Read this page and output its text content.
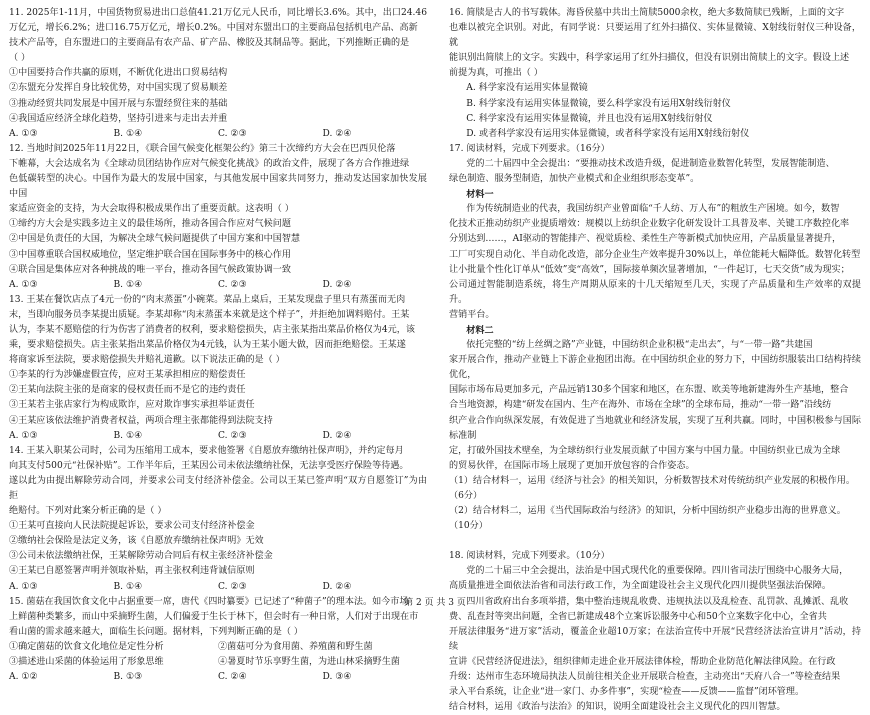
11. 2025年1-11月，中国货物贸易进出口总值41.21万亿元人民币，同比增长3.6%。其中，出口24.46

万亿元，增长6.2%；进口16.75万亿元，增长0.2%。中国对东盟出口的主要商品包括机电产品、高新

技术产品等，自东盟进口的主要商品有农产品、矿产品、橡胶及其制品等。据此，下列推断正确的是

（ ）

①中国要持合作共赢的原则，不断优化进出口贸易结构

②东盟充分发挥自身比较优势，对中国实现了贸易顺差

③推动经贸共同发展是中国开展与东盟经贸往来的基础

④我国适应经济全球化趋势，坚持引进来与走出去并重

A. ①③	B. ①④	C. ②③	D. ②④

12. 当地时间2025年11月22日，《联合国气候变化框架公约》第三十次缔约方大会在巴西贝伦落

下帷幕，大会达成名为《全球动员团结协作应对气候变化挑战》的政治文件，展现了各方合作推进绿

色低碳转型的决心。中国作为最大的发展中国家，与其他发展中国家共同努力，推动发达国家加快发展中国

家适应资金的支持，为大会取得积极成果作出了重要贡献。这表明（ ）

①缔约方大会是实践多边主义的最佳场所，推动各国合作应对气候问题

②中国是负责任的大国，为解决全球气候问题提供了中国方案和中国智慧

③中国尊重联合国权威地位，坚定维护联合国在国际事务中的核心作用

④联合国是集体应对各种挑战的唯一平台，推动各国气候政策协调一致

A. ①③	B. ①④	C. ②③	D. ②④

13. 王某在餐饮店点了4元一份的“肉末蒸蛋”小碗菜。菜品上桌后，王某发现盘子里只有蒸蛋而无肉

末，当即向服务员李某提出质疑。李某却称“肉末蒸蛋本来就是这个样子”，并拒绝加调料赔付。王某

认为，李某不愿赔偿的行为伤害了消费者的权利，要求赔偿损失，店主张某指出菜品价格仅为4元，该

乘，要求赔偿损失。店主张某指出菜品价格仅为4元钱，认为王某小题大做，因而拒绝赔偿。王某遂

将商家诉至法院，要求赔偿损失并赔礼道歉。以下说法正确的是（ ）

①李某的行为涉嫌虚假宣传，应对王某承担相应的赔偿责任

②王某向法院主张的是商家的侵权责任而不是它的违约责任

③王某若主张店家行为构成欺诈，应对欺诈事实承担举证责任

④王某应该依法维护消费者权益，两项合理主张都能得到法院支持

A. ①③	B. ①④	C. ②③	D. ②④

14. 王某入职某公司时，公司为压缩用工成本，要求他签署《自愿放弃缴纳社保声明》，并约定每月

向其支付500元“社保补贴”。工作半年后，王某因公司未依法缴纳社保，无法享受医疗保险等待遇。

遂以此为由提出解除劳动合同，并要求公司支付经济补偿金。公司以王某已签声明“双方自愿签订”为由拒

绝赔付。下列对此案分析正确的是（ ）

①王某可直接向人民法院提起诉讼，要求公司支付经济补偿金

②缴纳社会保险是法定义务，该《自愿放弃缴纳社保声明》无效

③公司未依法缴纳社保，王某解除劳动合同后有权主张经济补偿金

④王某已自愿签署声明并领取补贴，再主张权利违背诚信原则

A. ①③	B. ①④	C. ②③	D. ②④

15. 菌菇在我国饮食文化中占据重要一席，唐代《四时纂要》已记述了“种菌子”的理本法。如今市场

上鲜菌种类繁多，而山中采摘野生菌，人们偏爱于生长于林下，但会时有一种日常，人们对于出现在市

看山菌的需求越来越大，面临生长问题。据材料，下列判断正确的是（ ）

①确定菌菇的饮食文化地位是定性分析	②菌菇可分为食用菌、养殖菌和野生菌
③描述进山采菌的体验运用了形象思维	④暑夏时节乐享野生菌，为进山林采摘野生菌
A. ①②	B. ①③	C. ②④	D. ③④

16. 简牍是古人的书写载体。海昏侯墓中共出土简牍5000余枚，绝大多数简牍已残断，上面的文字

也难以被完全识别。对此，有同学说：只要运用了红外扫描仪、实体显微镜、X射线衍射仪三种设备，就

能识别出简牍上的文字。实践中，科学家运用了红外扫描仪，但没有识别出简牍上的文字。假设上述

前提为真，可推出（ ）

A. 科学家没有运用实体显微镜

B. 科学家没有运用实体显微镜，要么科学家没有运用X射线衍射仪

C. 科学家没有运用实体显微镜，并且也没有运用X射线衍射仪

D. 或者科学家没有运用实体显微镜，或者科学家没有运用X射线衍射仪

17. 阅读材料，完成下列要求。（16分）

党的二十届四中全会提出：“要推动技术改造升级，促进制造业数智化转型，发展智能制造、

绿色制造、服务型制造，加快产业模式和企业组织形态变革”。

材料一

作为传统制造业的代表，我国纺织产业曾面临“千人纺、万人布”的粗放生产困境。如今，数智

化技术正推动纺织产业提质增效：规模以上纺织企业数字化研发设计工具普及率、关键工序数控化率

分别达到……，AI驱动的智能排产、视觉质检、柔性生产等新模式加快应用，产品质量显著提升，

工厂可实现自动化、半自动化改造，部分企业生产效率提升30%以上，单位能耗大幅降低。数智化转型

让小批量个性化订单从“低效”变“高效”，国际接单频次显著增加，“一件起订，七天交货”成为现实；

公司通过智能制造系统，将生产周期从原来的十几天缩短至几天，实现了产品质量和生产效率的双提升。

营销平台。

材料二

依托完整的“纺上丝绸之路”产业链，中国纺织企业积极“走出去”，与“一带一路”共建国

家开展合作，推动产业链上下游企业抱团出海。在中国纺织企业的努力下，中国纺织服装出口结构持续优化，

国际市场布局更加多元，产品远销130多个国家和地区，在东盟、欧美等地新建海外生产基地，整合

合当地资源，构建“研发在国内、生产在海外、市场在全球”的全球布局，推动“一带一路”沿线纺

织产业合作向纵深发展，有效促进了当地就业和经济发展，实现了互利共赢。同时，中国积极参与国际标准制

定，打破外国技术壁垒，为全球纺织行业发展贡献了中国方案与中国力量。中国纺织业已成为全球

的贸易伙伴，在国际市场上展现了更加开放包容的合作姿态。

（1）结合材料一，运用《经济与社会》的相关知识，分析数智技术对传统纺织产业发展的积极作用。

（6分）

（2）结合材料二，运用《当代国际政治与经济》的知识，分析中国纺织产业稳步出海的世界意义。

（10分）

18. 阅读材料，完成下列要求。（10分）

党的二十届三中全会提出，法治是中国式现代化的重要保障。四川省司法厅围绕中心服务大局，

高质量推进全面依法治省和司法行政工作，为全面建设社会主义现代化四川提供坚强法治保障。

四川省政府出台多项举措，集中整治违规乱收费、违规执法以及乱检查、乱罚款、乱摊派、乱收

费、乱查封等突出问题，全省已新建成48个立案诉讼服务中心和50个立案数字化中心，全省共

开展法律服务“进万家”活动，覆盖企业超10万家；在法治宣传中开展“民营经济法治宣讲月”活动，持续

宣讲《民营经济促进法》，组织律师走进企业开展法律体检，帮助企业防范化解法律风险。在行政

升级：达州市生态环境局执法人员前往相关企业开展联合检查，主动亮出“天府八合一”等检查结果

录入平台系统，让企业“进一家门、办多件事”，实现“检查——反馈——监督”闭环管理。

结合材料，运用《政治与法治》的知识，说明全面建设社会主义现代化的四川智慧。

第 2 页 共 3 页
